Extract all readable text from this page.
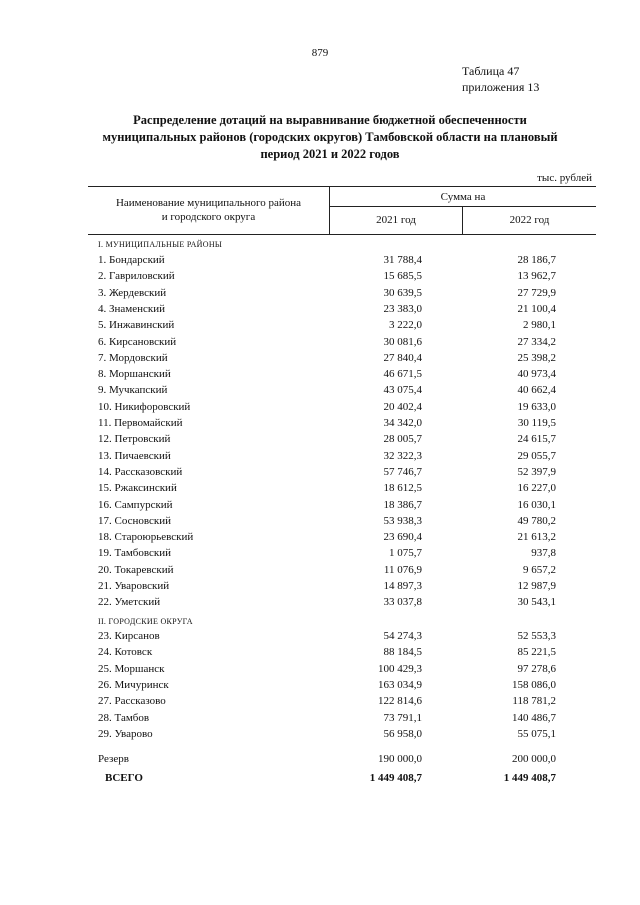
879
Таблица 47
приложения 13
Распределение дотаций на выравнивание бюджетной обеспеченности
муниципальных районов (городских округов) Тамбовской области на плановый
период 2021 и 2022 годов
тыс. рублей
Наименование муниципального района
и городского округа
Сумма на
2021 год	2022 год
I. МУНИЦИПАЛЬНЫЕ РАЙОНЫ
1. Бондарский	31 788,4	28 186,7
2. Гавриловский	15 685,5	13 962,7
3. Жердевский	30 639,5	27 729,9
4. Знаменский	23 383,0	21 100,4
5. Инжавинский	3 222,0	2 980,1
6. Кирсановский	30 081,6	27 334,2
7. Мордовский	27 840,4	25 398,2
8. Моршанский	46 671,5	40 973,4
9. Мучкапский	43 075,4	40 662,4
10. Никифоровский	20 402,4	19 633,0
11. Первомайский	34 342,0	30 119,5
12. Петровский	28 005,7	24 615,7
13. Пичаевский	32 322,3	29 055,7
14. Рассказовский	57 746,7	52 397,9
15. Ржаксинский	18 612,5	16 227,0
16. Сампурский	18 386,7	16 030,1
17. Сосновский	53 938,3	49 780,2
18. Староюрьевский	23 690,4	21 613,2
19. Тамбовский	1 075,7	937,8
20. Токаревский	11 076,9	9 657,2
21. Уваровский	14 897,3	12 987,9
22. Уметский	33 037,8	30 543,1
II. ГОРОДСКИЕ ОКРУГА
23. Кирсанов	54 274,3	52 553,3
24. Котовск	88 184,5	85 221,5
25. Моршанск	100 429,3	97 278,6
26. Мичуринск	163 034,9	158 086,0
27. Рассказово	122 814,6	118 781,2
28. Тамбов	73 791,1	140 486,7
29. Уварово	56 958,0	55 075,1
Резерв	190 000,0	200 000,0
ВСЕГО	1 449 408,7	1 449 408,7
